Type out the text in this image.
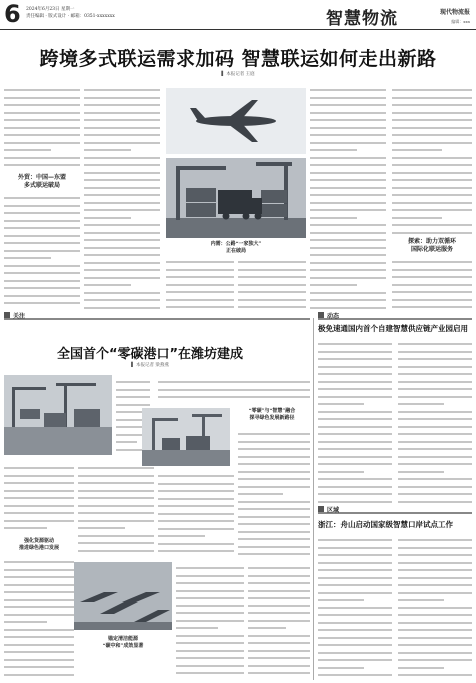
6 2024年6月23日 星期一
责任编辑 · 版式设计 · 邮箱：0351-xxxxxxx	智慧物流	现代物流报
编辑：xxx
跨境多式联运需求加码 智慧联运如何走出新路
▌ 本报记者 王庭
外贸：中国—东盟
多式联运破局
内需：公路“一家独大”
正在破局
探索：助力双循环
国际化联运服务
关注	动态
全国首个“零碳港口”在潍坊建成
▌ 本报记者 梁燕燕
强化货源驱动
推进绿色港口发展
“零碳”与“智慧”融合
探寻绿色发展新路径
锚定清洁能源
“碳中和”成效显著
极免速通国内首个自建智慧供应链产业园启用
区域
浙江：舟山启动国家级智慧口岸试点工作
